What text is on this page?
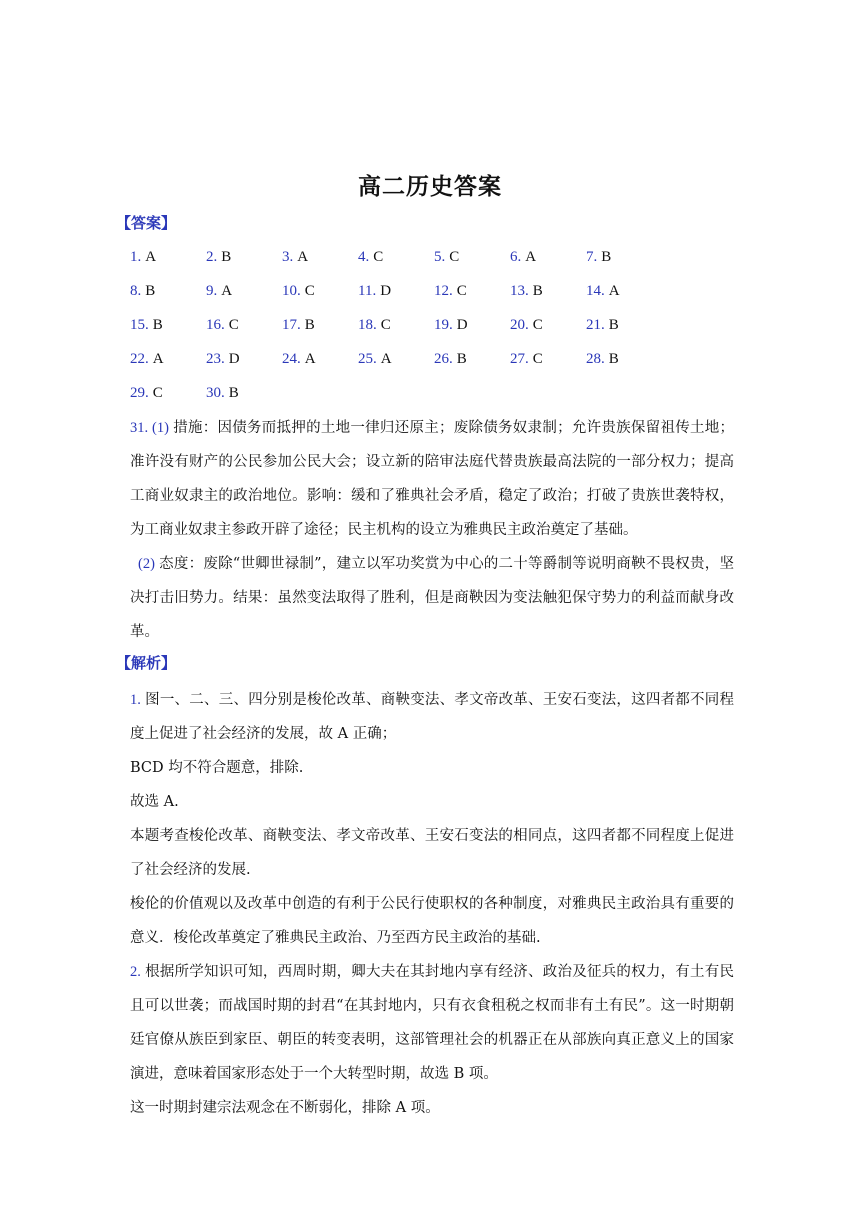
高二历史答案
【答案】
1. A	2. B	3. A	4. C	5. C	6. A	7. B
8. B	9. A	10. C	11. D	12. C	13. B	14. A
15. B	16. C	17. B	18. C	19. D	20. C	21. B
22. A	23. D	24. A	25. A	26. B	27. C	28. B
29. C	30. B
31. (1) 措施：因债务而抵押的土地一律归还原主；废除债务奴隶制；允许贵族保留祖传土地；准许没有财产的公民参加公民大会；设立新的陪审法庭代替贵族最高法院的一部分权力；提高工商业奴隶主的政治地位。影响：缓和了雅典社会矛盾，稳定了政治；打破了贵族世袭特权，为工商业奴隶主参政开辟了途径；民主机构的设立为雅典民主政治奠定了基础。
(2) 态度：废除“世卿世禄制”，建立以军功奖赏为中心的二十等爵制等说明商鞅不畏权贵，坚决打击旧势力。结果：虽然变法取得了胜利，但是商鞅因为变法触犯保守势力的利益而献身改革。
【解析】
1. 图一、二、三、四分别是梭伦改革、商鞅变法、孝文帝改革、王安石变法，这四者都不同程度上促进了社会经济的发展，故 A 正确；
BCD 均不符合题意，排除.
故选 A.
本题考查梭伦改革、商鞅变法、孝文帝改革、王安石变法的相同点，这四者都不同程度上促进了社会经济的发展.
梭伦的价值观以及改革中创造的有利于公民行使职权的各种制度，对雅典民主政治具有重要的意义．梭伦改革奠定了雅典民主政治、乃至西方民主政治的基础.
2. 根据所学知识可知，西周时期，卿大夫在其封地内享有经济、政治及征兵的权力，有土有民且可以世袭；而战国时期的封君“在其封地内，只有衣食租税之权而非有土有民”。这一时期朝廷官僚从族臣到家臣、朝臣的转变表明，这部管理社会的机器正在从部族向真正意义上的国家演进，意味着国家形态处于一个大转型时期，故选 B 项。
这一时期封建宗法观念在不断弱化，排除 A 项。
